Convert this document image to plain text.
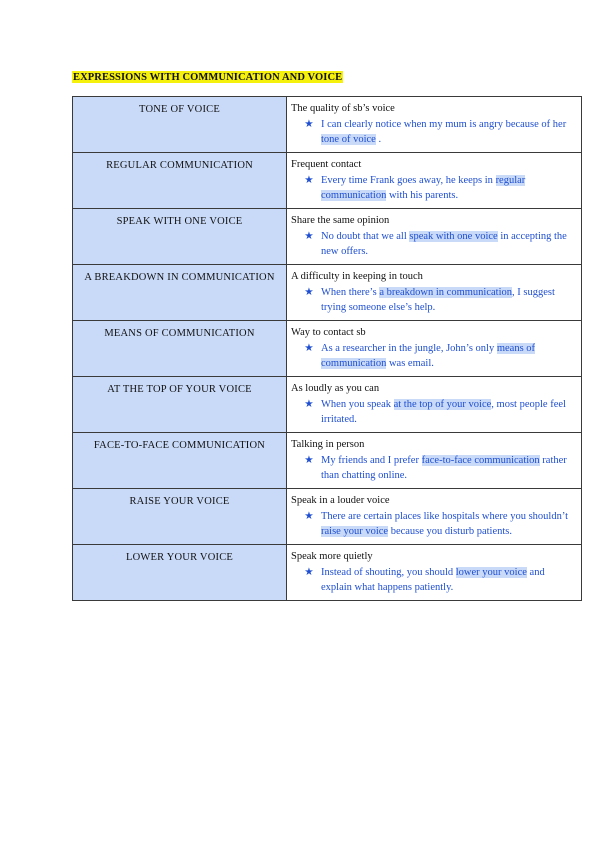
EXPRESSIONS WITH COMMUNICATION AND VOICE
TONE OF VOICE	The quality of sb’s voice
★ I can clearly notice when my mum is angry because of her tone of voice .

REGULAR COMMUNICATION	Frequent contact
★ Every time Frank goes away, he keeps in regular communication with his parents.

SPEAK WITH ONE VOICE	Share the same opinion
★ No doubt that we all speak with one voice in accepting the new offers.

A BREAKDOWN IN COMMUNICATION	A difficulty in keeping in touch
★ When there’s a breakdown in communication, I suggest trying someone else’s help.

MEANS OF COMMUNICATION	Way to contact sb
★ As a researcher in the jungle, John’s only means of communication was email.

AT THE TOP OF YOUR VOICE	As loudly as you can
★ When you speak at the top of your voice, most people feel irritated.

FACE-TO-FACE COMMUNICATION	Talking in person
★ My friends and I prefer face-to-face communication rather than chatting online.

RAISE YOUR VOICE	Speak in a louder voice
★ There are certain places like hospitals where you shouldn’t raise your voice because you disturb patients.

LOWER YOUR VOICE	Speak more quietly
★ Instead of shouting, you should lower your voice and explain what happens patiently.
